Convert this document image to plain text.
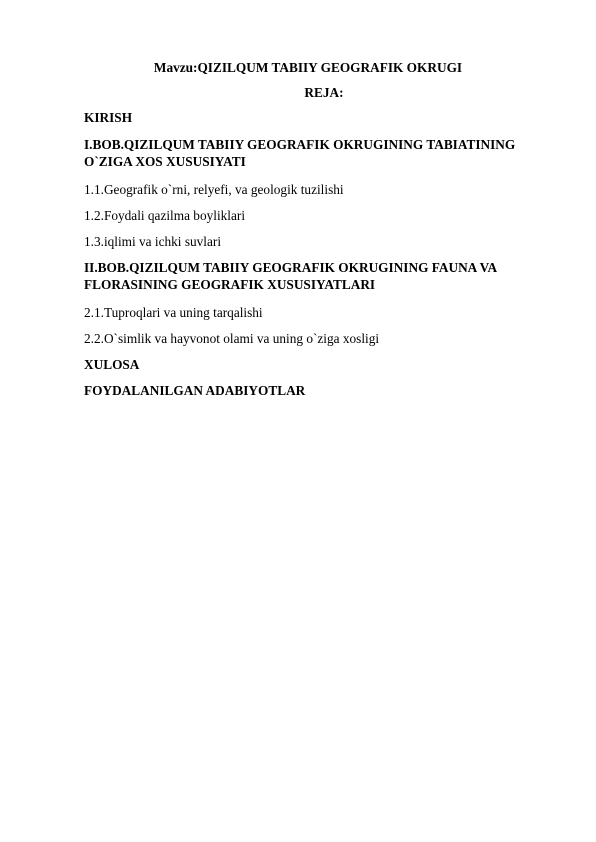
Mavzu:QIZILQUM TABIIY GEOGRAFIK OKRUGI
REJA:
KIRISH
I.BOB.QIZILQUM TABIIY GEOGRAFIK OKRUGINING TABIATINING O`ZIGA XOS XUSUSIYATI
1.1.Geografik o`rni, relyefi, va geologik tuzilishi
1.2.Foydali qazilma boyliklari
1.3.iqlimi va ichki suvlari
II.BOB.QIZILQUM TABIIY GEOGRAFIK OKRUGINING FAUNA VA FLORASINING GEOGRAFIK XUSUSIYATLARI
2.1.Tuproqlari va uning tarqalishi
2.2.O`simlik va hayvonot olami va uning o`ziga xosligi
XULOSA
FOYDALANILGAN ADABIYOTLAR
